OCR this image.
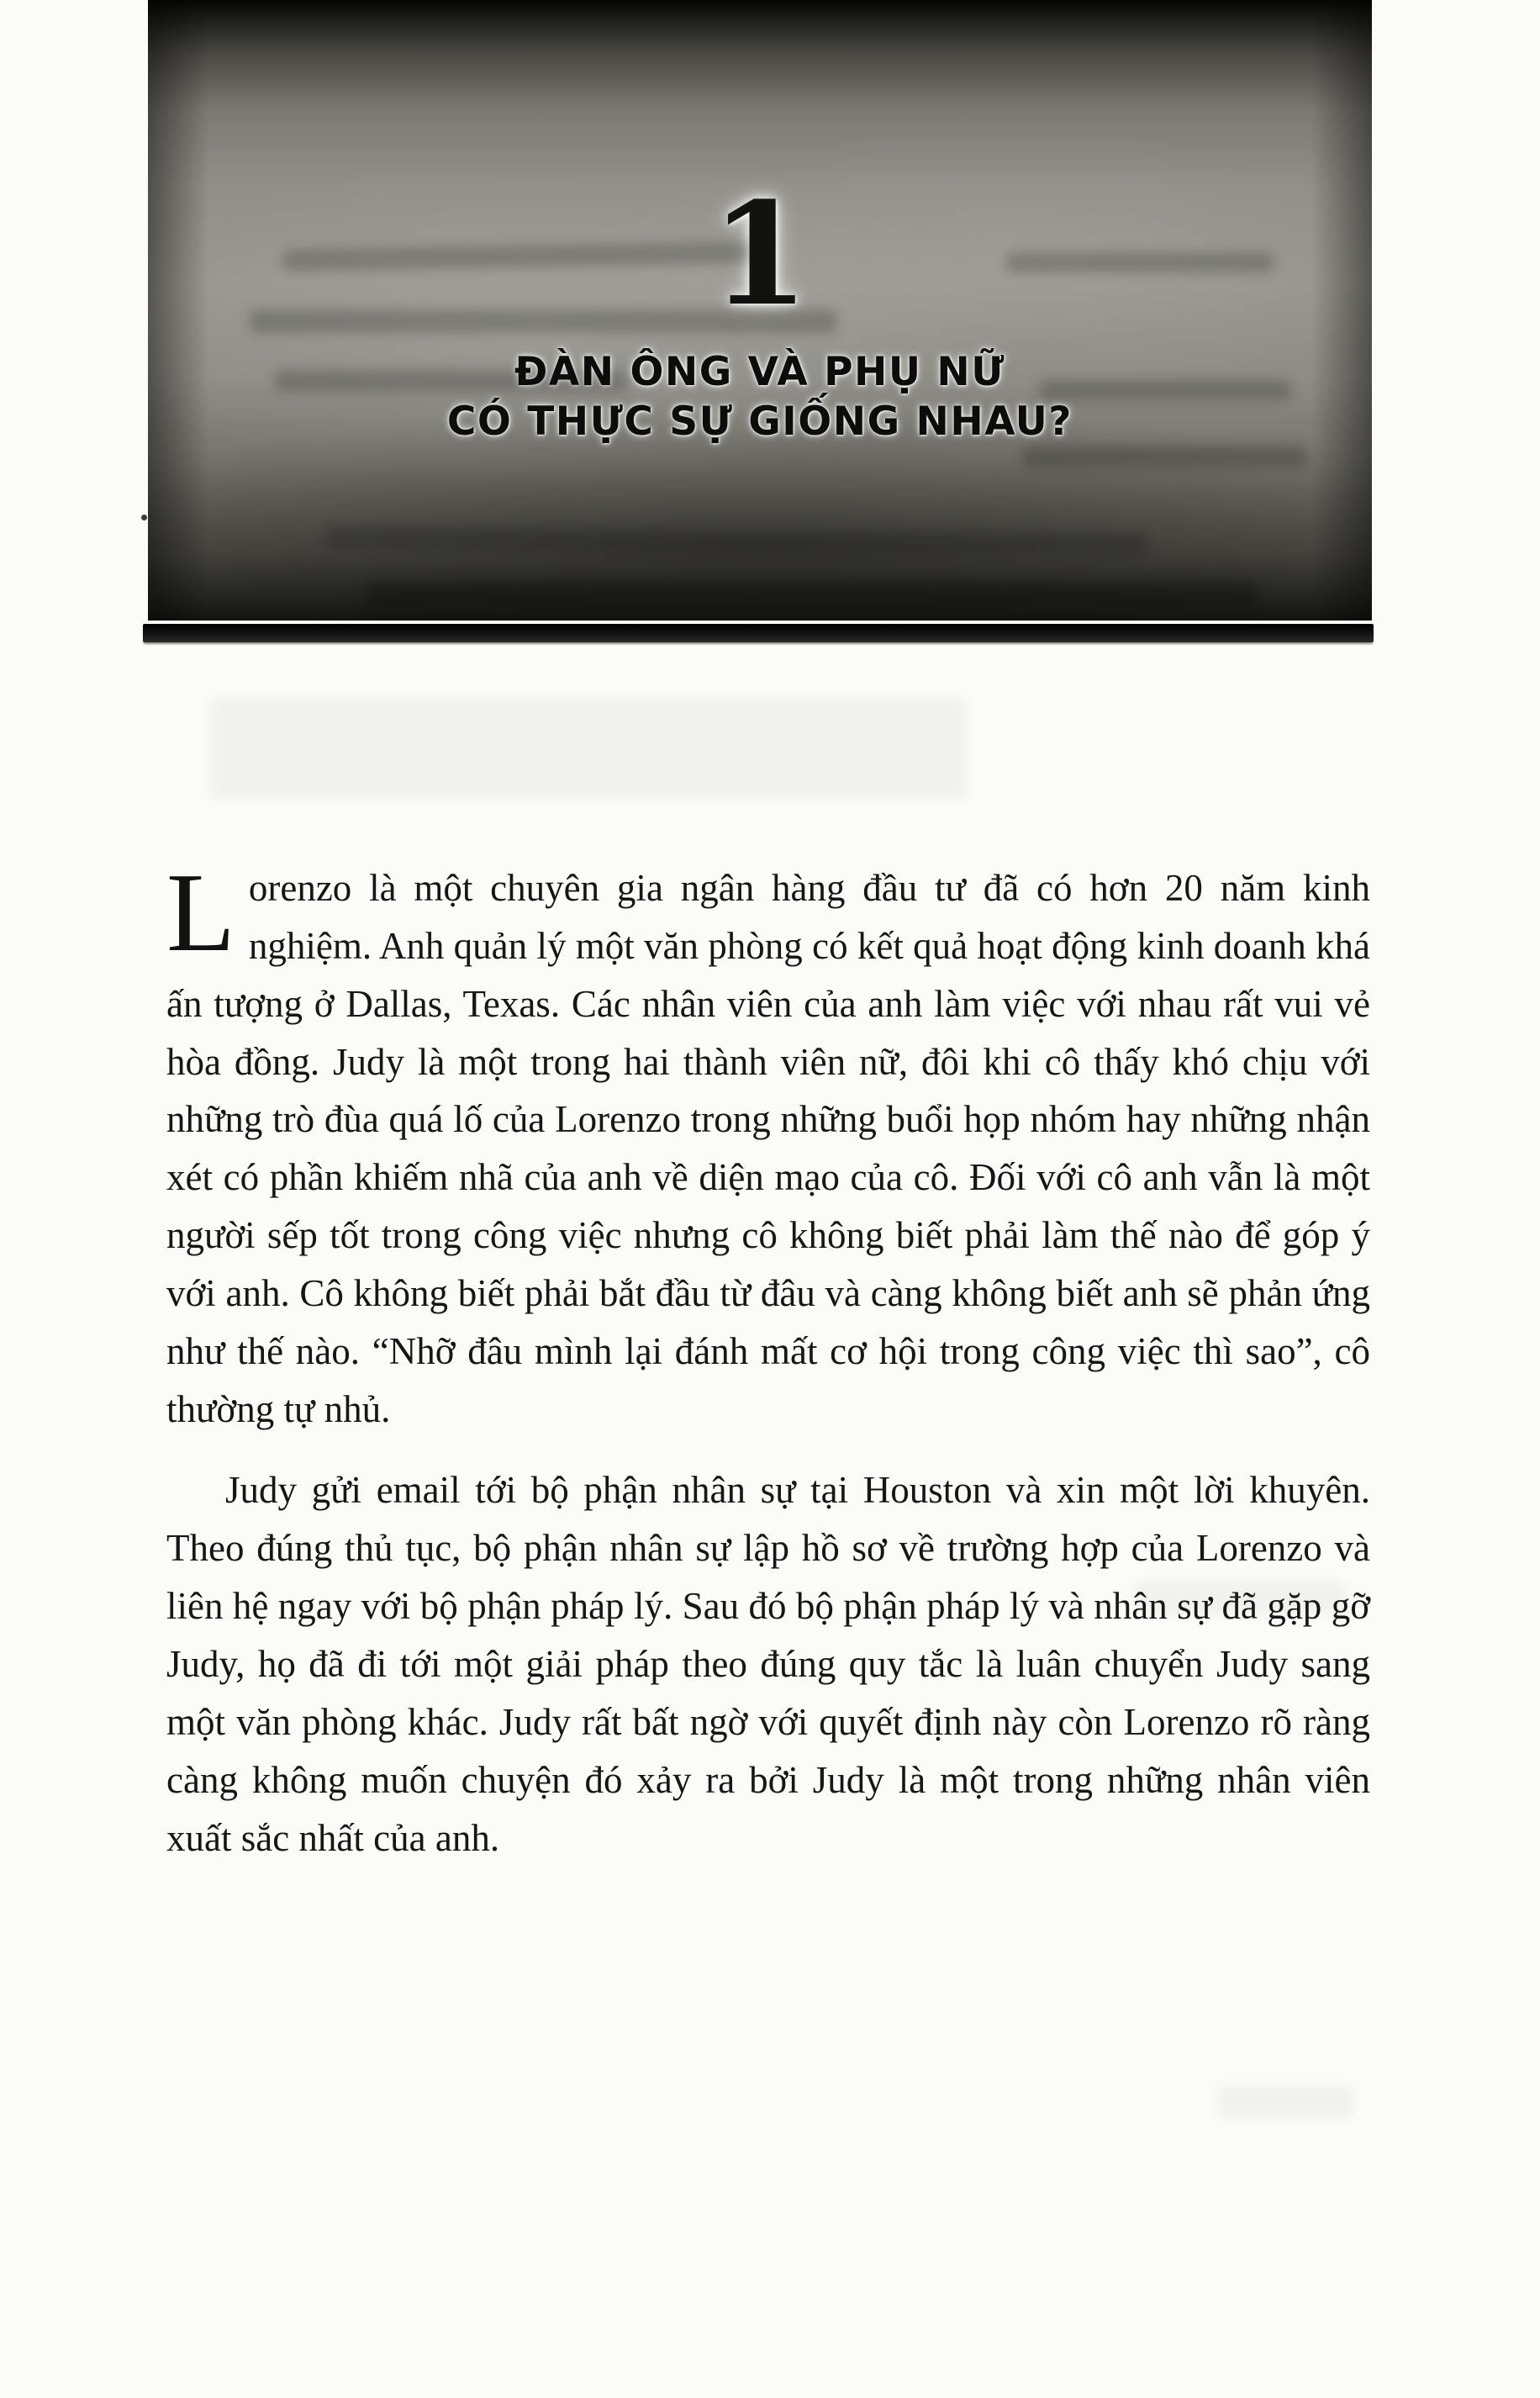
1
ĐÀN ÔNG VÀ PHỤ NỮ
CÓ THỰC SỰ GIỐNG NHAU?

Lorenzo là một chuyên gia ngân hàng đầu tư đã có hơn 20 năm kinh nghiệm. Anh quản lý một văn phòng có kết quả hoạt động kinh doanh khá ấn tượng ở Dallas, Texas. Các nhân viên của anh làm việc với nhau rất vui vẻ hòa đồng. Judy là một trong hai thành viên nữ, đôi khi cô thấy khó chịu với những trò đùa quá lố của Lorenzo trong những buổi họp nhóm hay những nhận xét có phần khiếm nhã của anh về diện mạo của cô. Đối với cô anh vẫn là một người sếp tốt trong công việc nhưng cô không biết phải làm thế nào để góp ý với anh. Cô không biết phải bắt đầu từ đâu và càng không biết anh sẽ phản ứng như thế nào. “Nhỡ đâu mình lại đánh mất cơ hội trong công việc thì sao”, cô thường tự nhủ.

Judy gửi email tới bộ phận nhân sự tại Houston và xin một lời khuyên. Theo đúng thủ tục, bộ phận nhân sự lập hồ sơ về trường hợp của Lorenzo và liên hệ ngay với bộ phận pháp lý. Sau đó bộ phận pháp lý và nhân sự đã gặp gỡ Judy, họ đã đi tới một giải pháp theo đúng quy tắc là luân chuyển Judy sang một văn phòng khác. Judy rất bất ngờ với quyết định này còn Lorenzo rõ ràng càng không muốn chuyện đó xảy ra bởi Judy là một trong những nhân viên xuất sắc nhất của anh.
